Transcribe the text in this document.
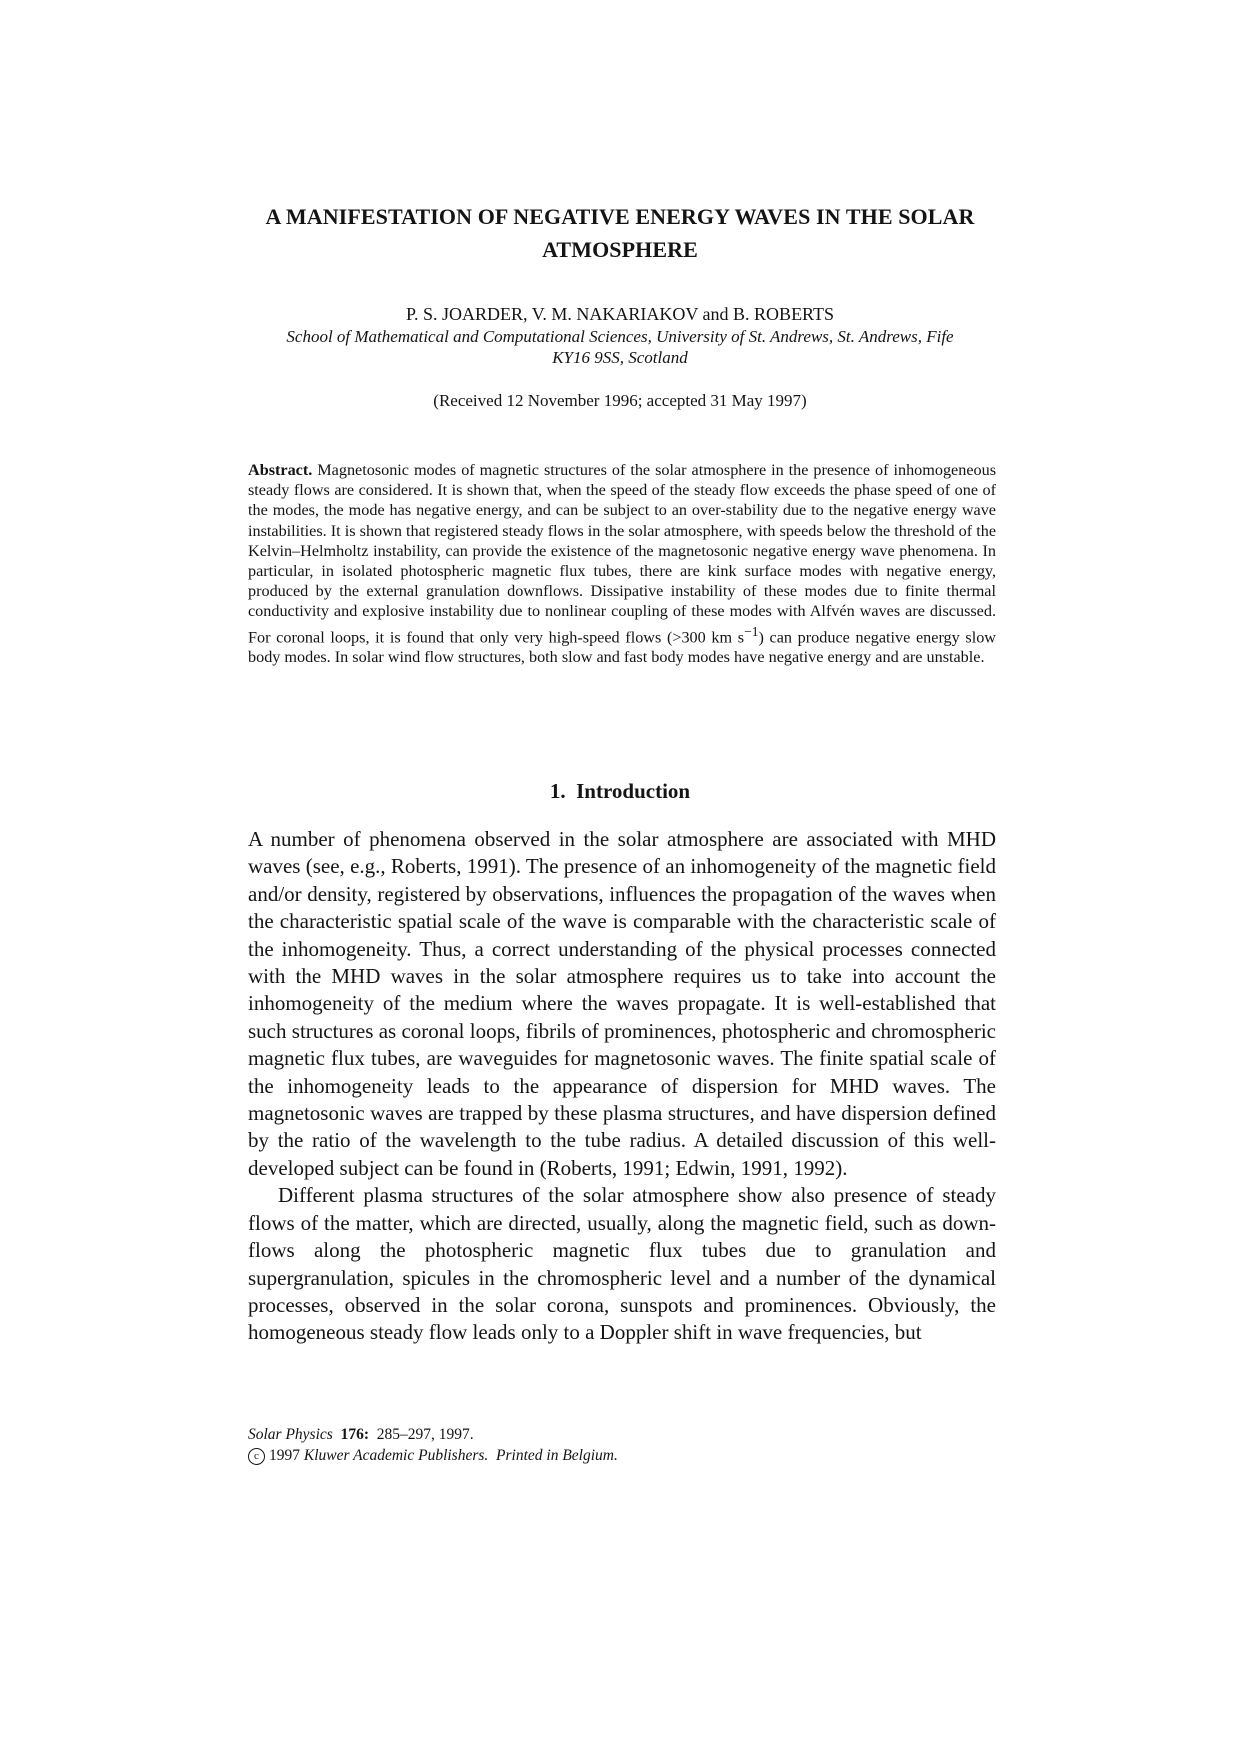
A MANIFESTATION OF NEGATIVE ENERGY WAVES IN THE SOLAR
ATMOSPHERE
P. S. JOARDER, V. M. NAKARIAKOV and B. ROBERTS
School of Mathematical and Computational Sciences, University of St. Andrews, St. Andrews, Fife
KY16 9SS, Scotland
(Received 12 November 1996; accepted 31 May 1997)

Abstract. Magnetosonic modes of magnetic structures of the solar atmosphere in the presence of inhomogeneous steady flows are considered. It is shown that, when the speed of the steady flow exceeds the phase speed of one of the modes, the mode has negative energy, and can be subject to an over-stability due to the negative energy wave instabilities. It is shown that registered steady flows in the solar atmosphere, with speeds below the threshold of the Kelvin–Helmholtz instability, can provide the existence of the magnetosonic negative energy wave phenomena. In particular, in isolated photospheric magnetic flux tubes, there are kink surface modes with negative energy, produced by the external granulation downflows. Dissipative instability of these modes due to finite thermal conductivity and explosive instability due to nonlinear coupling of these modes with Alfvén waves are discussed. For coronal loops, it is found that only very high-speed flows (>300 km $s^{-1}$) can produce negative energy slow body modes. In solar wind flow structures, both slow and fast body modes have negative energy and are unstable.

1. Introduction

A number of phenomena observed in the solar atmosphere are associated with MHD waves (see, e.g., Roberts, 1991). The presence of an inhomogeneity of the magnetic field and/or density, registered by observations, influences the propagation of the waves when the characteristic spatial scale of the wave is comparable with the characteristic scale of the inhomogeneity. Thus, a correct understanding of the physical processes connected with the MHD waves in the solar atmosphere requires us to take into account the inhomogeneity of the medium where the waves propagate. It is well-established that such structures as coronal loops, fibrils of prominences, photospheric and chromospheric magnetic flux tubes, are waveguides for magnetosonic waves. The finite spatial scale of the inhomogeneity leads to the appearance of dispersion for MHD waves. The magnetosonic waves are trapped by these plasma structures, and have dispersion defined by the ratio of the wavelength to the tube radius. A detailed discussion of this well-developed subject can be found in (Roberts, 1991; Edwin, 1991, 1992).

Different plasma structures of the solar atmosphere show also presence of steady flows of the matter, which are directed, usually, along the magnetic field, such as down-flows along the photospheric magnetic flux tubes due to granulation and supergranulation, spicules in the chromospheric level and a number of the dynamical processes, observed in the solar corona, sunspots and prominences. Obviously, the homogeneous steady flow leads only to a Doppler shift in wave frequencies, but

Solar Physics 176: 285–297, 1997.
c 1997 Kluwer Academic Publishers. Printed in Belgium.
